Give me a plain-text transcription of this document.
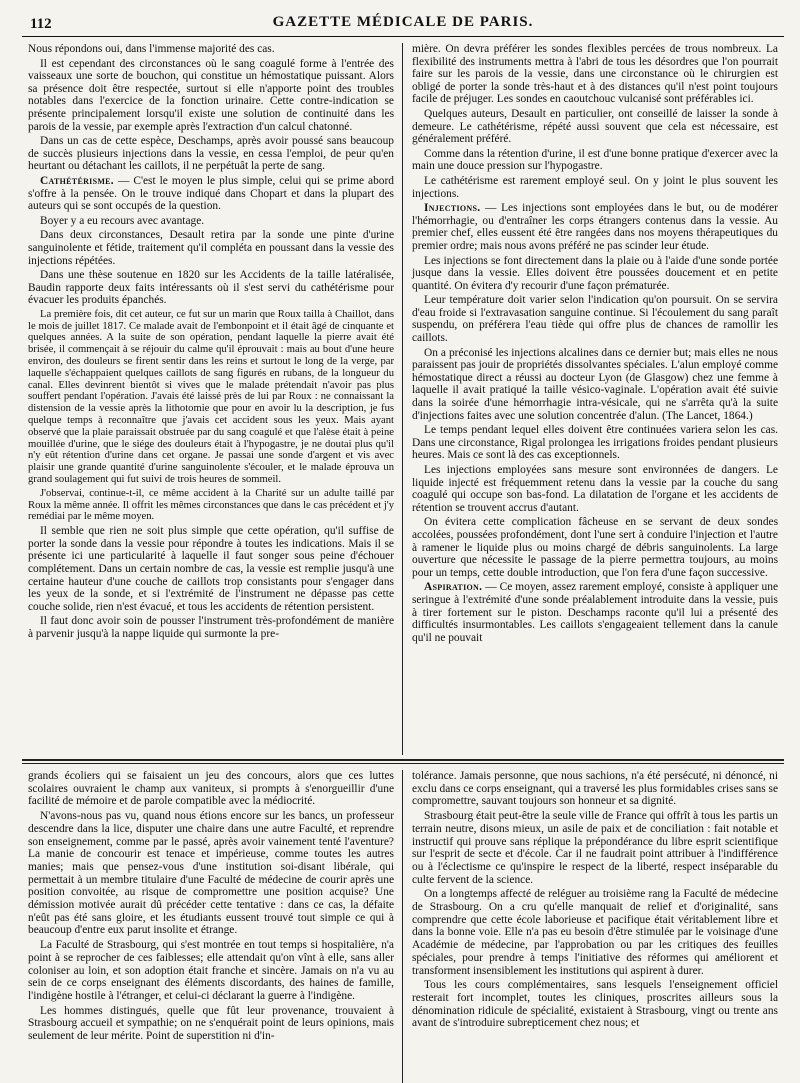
112	GAZETTE MÉDICALE DE PARIS.

Nous répondons oui, dans l'immense majorité des cas.

Il est cependant des circonstances où le sang coagulé forme à l'entrée des vaisseaux une sorte de bouchon, qui constitue un hémostatique puissant. Alors sa présence doit être respectée, surtout si elle n'apporte point des troubles notables dans l'exercice de la fonction urinaire. Cette contre-indication se présente principalement lorsqu'il existe une solution de continuité dans les parois de la vessie, par exemple après l'extraction d'un calcul chatonné.

Dans un cas de cette espèce, Deschamps, après avoir poussé sans beaucoup de succès plusieurs injections dans la vessie, en cessa l'emploi, de peur qu'en heurtant ou détachant les caillots, il ne perpétuât la perte de sang.

Cathétérisme. — C'est le moyen le plus simple, celui qui se prime abord s'offre à la pensée. On le trouve indiqué dans Chopart et dans la plupart des auteurs qui se sont occupés de la question.

Boyer y a eu recours avec avantage.

Dans deux circonstances, Desault retira par la sonde une pinte d'urine sanguinolente et fétide, traitement qu'il compléta en poussant dans la vessie des injections répétées.

Dans une thèse soutenue en 1820 sur les Accidents de la taille latéralisée, Baudin rapporte deux faits intéressants où il s'est servi du cathétérisme pour évacuer les produits épanchés.

La première fois, dit cet auteur, ce fut sur un marin que Roux tailla à Chaillot, dans le mois de juillet 1817. Ce malade avait de l'embonpoint et il était âgé de cinquante et quelques années. A la suite de son opération, pendant laquelle la pierre avait été brisée, il commençait à se réjouir du calme qu'il éprouvait : mais au bout d'une heure environ, des douleurs se firent sentir dans les reins et surtout le long de la verge, par laquelle s'échappaient quelques caillots de sang figurés en rubans, de la longueur du canal. Elles devinrent bientôt si vives que le malade prétendait n'avoir pas plus souffert pendant l'opération. J'avais été laissé près de lui par Roux : ne connaissant la distension de la vessie après la lithotomie que pour en avoir lu la description, je fus quelque temps à reconnaître que j'avais cet accident sous les yeux. Mais ayant observé que la plaie paraissait obstruée par du sang coagulé et que l'alèse était à peine mouillée d'urine, que le siége des douleurs était à l'hypogastre, je ne doutai plus qu'il n'y eût rétention d'urine dans cet organe. Je passai une sonde d'argent et vis avec plaisir une grande quantité d'urine sanguinolente s'écouler, et le malade éprouva un grand soulagement qui fut suivi de trois heures de sommeil.

J'observai, continue-t-il, ce même accident à la Charité sur un adulte taillé par Roux la même année. Il offrit les mêmes circonstances que dans le cas précédent et j'y remédiai par le même moyen.

Il semble que rien ne soit plus simple que cette opération, qu'il suffise de porter la sonde dans la vessie pour répondre à toutes les indications. Mais il se présente ici une particularité à laquelle il faut songer sous peine d'échouer complétement. Dans un certain nombre de cas, la vessie est remplie jusqu'à une certaine hauteur d'une couche de caillots trop consistants pour s'engager dans les yeux de la sonde, et si l'extrémité de l'instrument ne dépasse pas cette couche solide, rien n'est évacué, et tous les accidents de rétention persistent.

Il faut donc avoir soin de pousser l'instrument très-profondément de manière à parvenir jusqu'à la nappe liquide qui surmonte la pre-

mière. On devra préférer les sondes flexibles percées de trous nombreux. La flexibilité des instruments mettra à l'abri de tous les désordres que l'on pourrait faire sur les parois de la vessie, dans une circonstance où le chirurgien est obligé de porter la sonde très-haut et à des distances qu'il n'est point toujours facile de préjuger. Les sondes en caoutchouc vulcanisé sont préférables ici.

Quelques auteurs, Desault en particulier, ont conseillé de laisser la sonde à demeure. Le cathétérisme, répété aussi souvent que cela est nécessaire, est généralement préféré.

Comme dans la rétention d'urine, il est d'une bonne pratique d'exercer avec la main une douce pression sur l'hypogastre.

Le cathétérisme est rarement employé seul. On y joint le plus souvent les injections.

Injections. — Les injections sont employées dans le but, ou de modérer l'hémorrhagie, ou d'entraîner les corps étrangers contenus dans la vessie. Au premier chef, elles eussent été être rangées dans nos moyens thérapeutiques du premier ordre; mais nous avons préféré ne pas scinder leur étude.

Les injections se font directement dans la plaie ou à l'aide d'une sonde portée jusque dans la vessie. Elles doivent être poussées doucement et en petite quantité. On évitera d'y recourir d'une façon prématurée.

Leur température doit varier selon l'indication qu'on poursuit. On se servira d'eau froide si l'extravasation sanguine continue. Si l'écoulement du sang paraît suspendu, on préférera l'eau tiède qui offre plus de chances de ramollir les caillots.

On a préconisé les injections alcalines dans ce dernier but; mais elles ne nous paraissent pas jouir de propriétés dissolvantes spéciales. L'alun employé comme hémostatique direct a réussi au docteur Lyon (de Glasgow) chez une femme à laquelle il avait pratiqué la taille vésico-vaginale. L'opération avait été suivie dans la soirée d'une hémorrhagie intra-vésicale, qui ne s'arrêta qu'à la suite d'injections faites avec une solution concentrée d'alun. (The Lancet, 1864.)

Le temps pendant lequel elles doivent être continuées variera selon les cas. Dans une circonstance, Rigal prolongea les irrigations froides pendant plusieurs heures. Mais ce sont là des cas exceptionnels.

Les injections employées sans mesure sont environnées de dangers. Le liquide injecté est fréquemment retenu dans la vessie par la couche du sang coagulé qui occupe son bas-fond. La dilatation de l'organe et les accidents de rétention se trouvent accrus d'autant.

On évitera cette complication fâcheuse en se servant de deux sondes accolées, poussées profondément, dont l'une sert à conduire l'injection et l'autre à ramener le liquide plus ou moins chargé de débris sanguinolents. La large ouverture que nécessite le passage de la pierre permettra toujours, au moins pour un temps, cette double introduction, que l'on fera d'une façon successive.

Aspiration. — Ce moyen, assez rarement employé, consiste à appliquer une seringue à l'extrémité d'une sonde préalablement introduite dans la vessie, puis à tirer fortement sur le piston. Deschamps raconte qu'il lui a présenté des difficultés insurmontables. Les caillots s'engageaient tellement dans la canule qu'il ne pouvait

grands écoliers qui se faisaient un jeu des concours, alors que ces luttes scolaires ouvraient le champ aux vaniteux, si prompts à s'enorgueillir d'une facilité de mémoire et de parole compatible avec la médiocrité.

N'avons-nous pas vu, quand nous étions encore sur les bancs, un professeur descendre dans la lice, disputer une chaire dans une autre Faculté, et reprendre son enseignement, comme par le passé, après avoir vainement tenté l'aventure? La manie de concourir est tenace et impérieuse, comme toutes les autres manies; mais que pensez-vous d'une institution soi-disant libérale, qui permettait à un membre titulaire d'une Faculté de médecine de courir après une position convoitée, au risque de compromettre une position acquise? Une démission motivée aurait dû précéder cette tentative : dans ce cas, la défaite n'eût pas été sans gloire, et les étudiants eussent trouvé tout simple ce qui à beaucoup d'entre eux parut insolite et étrange.

La Faculté de Strasbourg, qui s'est montrée en tout temps si hospitalière, n'a point à se reprocher de ces faiblesses; elle attendait qu'on vînt à elle, sans aller coloniser au loin, et son adoption était franche et sincère. Jamais on n'a vu au sein de ce corps enseignant des éléments discordants, des haines de famille, l'indigène hostile à l'étranger, et celui-ci déclarant la guerre à l'indigène.

Les hommes distingués, quelle que fût leur provenance, trouvaient à Strasbourg accueil et sympathie; on ne s'enquérait point de leurs opinions, mais seulement de leur mérite. Point de superstition ni d'in-

tolérance. Jamais personne, que nous sachions, n'a été persécuté, ni dénoncé, ni exclu dans ce corps enseignant, qui a traversé les plus formidables crises sans se compromettre, sauvant toujours son honneur et sa dignité.

Strasbourg était peut-être la seule ville de France qui offrît à tous les partis un terrain neutre, disons mieux, un asile de paix et de conciliation : fait notable et instructif qui prouve sans réplique la prépondérance du libre esprit scientifique sur l'esprit de secte et d'école. Car il ne faudrait point attribuer à l'indifférence ou à l'éclectisme ce qu'inspire le respect de la liberté, respect inséparable du culte fervent de la science.

On a longtemps affecté de reléguer au troisième rang la Faculté de médecine de Strasbourg. On a cru qu'elle manquait de relief et d'originalité, sans comprendre que cette école laborieuse et pacifique était véritablement libre et dans la bonne voie. Elle n'a pas eu besoin d'être stimulée par le voisinage d'une Académie de médecine, par l'approbation ou par les critiques des feuilles spéciales, pour prendre à temps l'initiative des réformes qui améliorent et transforment insensiblement les institutions qui aspirent à durer.

Tous les cours complémentaires, sans lesquels l'enseignement officiel resterait fort incomplet, toutes les cliniques, proscrites ailleurs sous la dénomination ridicule de spécialité, existaient à Strasbourg, vingt ou trente ans avant de s'introduire subrepticement chez nous; et
